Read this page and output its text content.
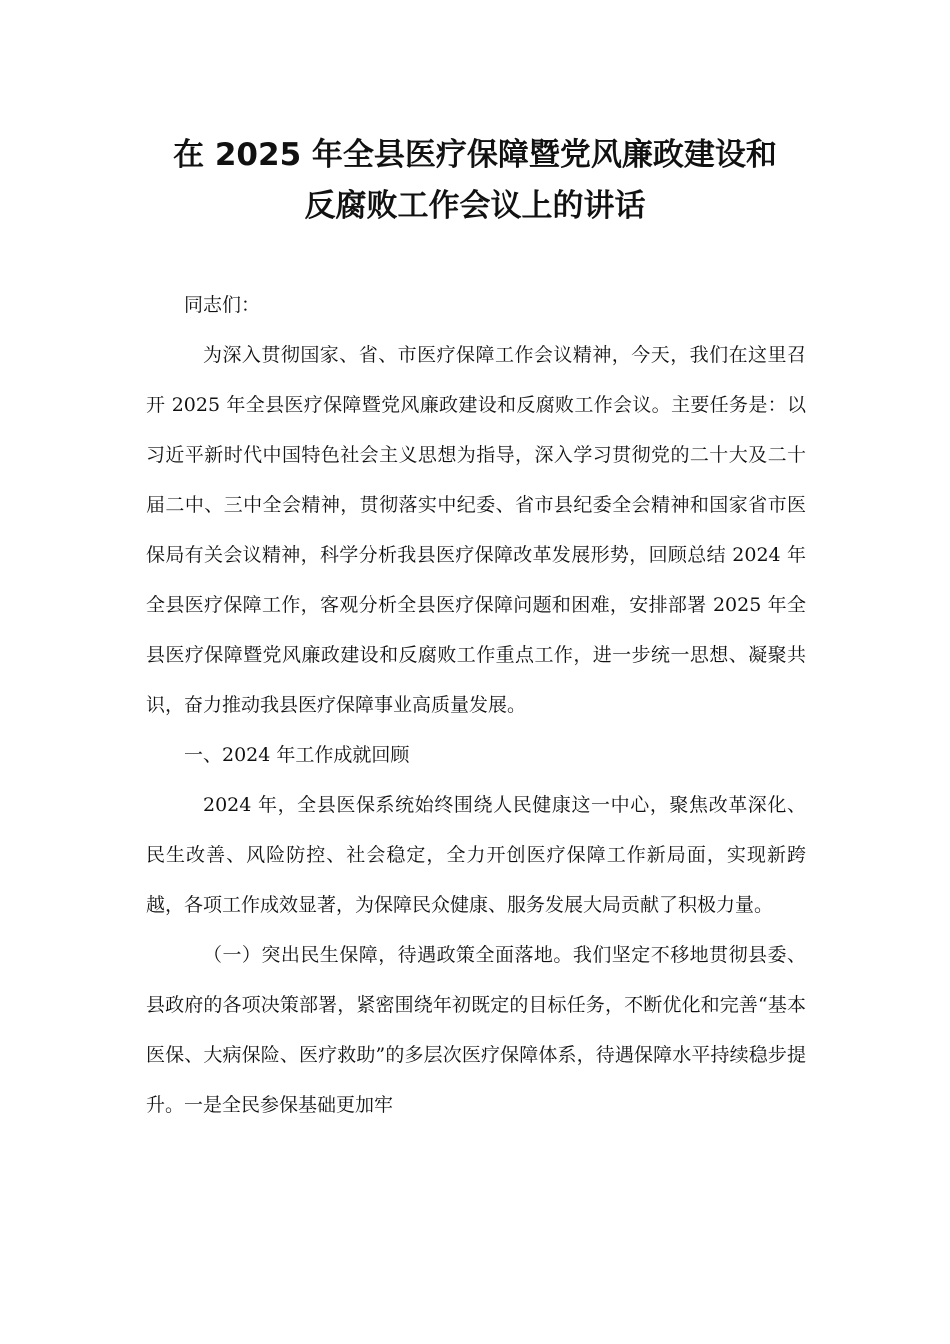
在 2025 年全县医疗保障暨党风廉政建设和
反腐败工作会议上的讲话

同志们：

为深入贯彻国家、省、市医疗保障工作会议精神，今天，我们在这里召开 2025 年全县医疗保障暨党风廉政建设和反腐败工作会议。主要任务是：以习近平新时代中国特色社会主义思想为指导，深入学习贯彻党的二十大及二十届二中、三中全会精神，贯彻落实中纪委、省市县纪委全会精神和国家省市医保局有关会议精神，科学分析我县医疗保障改革发展形势，回顾总结 2024 年全县医疗保障工作，客观分析全县医疗保障问题和困难，安排部署 2025 年全县医疗保障暨党风廉政建设和反腐败工作重点工作，进一步统一思想、凝聚共识，奋力推动我县医疗保障事业高质量发展。

一、2024 年工作成就回顾

2024 年，全县医保系统始终围绕人民健康这一中心，聚焦改革深化、民生改善、风险防控、社会稳定，全力开创医疗保障工作新局面，实现新跨越，各项工作成效显著，为保障民众健康、服务发展大局贡献了积极力量。

（一）突出民生保障，待遇政策全面落地。我们坚定不移地贯彻县委、县政府的各项决策部署，紧密围绕年初既定的目标任务，不断优化和完善“基本医保、大病保险、医疗救助”的多层次医疗保障体系，待遇保障水平持续稳步提升。一是全民参保基础更加牢
